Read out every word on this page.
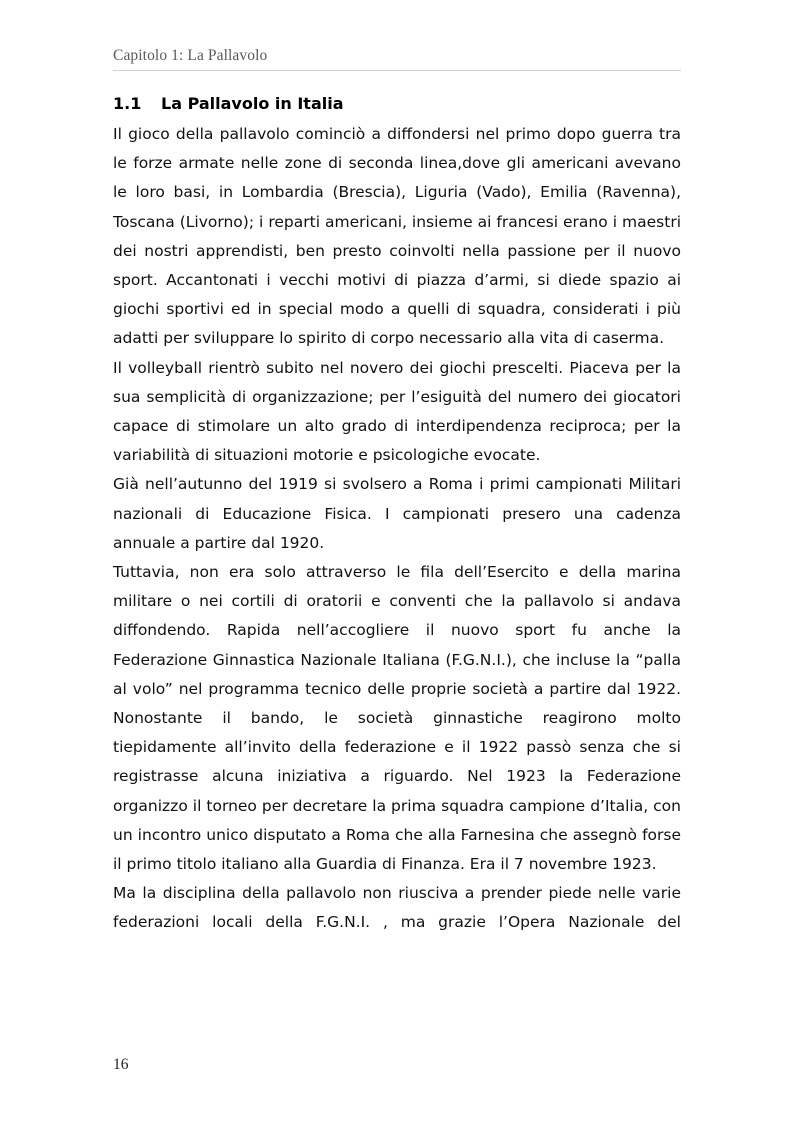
Capitolo 1: La Pallavolo
1.1 La Pallavolo in Italia

Il gioco della pallavolo cominciò a diffondersi nel primo dopo guerra tra le forze armate nelle zone di seconda linea,dove gli americani avevano le loro basi, in Lombardia (Brescia), Liguria (Vado), Emilia (Ravenna), Toscana (Livorno); i reparti americani, insieme ai francesi erano i maestri dei nostri apprendisti, ben presto coinvolti nella passione per il nuovo sport. Accantonati i vecchi motivi di piazza d’armi, si diede spazio ai giochi sportivi ed in special modo a quelli di squadra, considerati i più adatti per sviluppare lo spirito di corpo necessario alla vita di caserma.

Il volleyball rientrò subito nel novero dei giochi prescelti. Piaceva per la sua semplicità di organizzazione; per l’esiguità del numero dei giocatori capace di stimolare un alto grado di interdipendenza reciproca; per la variabilità di situazioni motorie e psicologiche evocate.

Già nell’autunno del 1919 si svolsero a Roma i primi campionati Militari nazionali di Educazione Fisica. I campionati presero una cadenza annuale a partire dal 1920.

Tuttavia, non era solo attraverso le fila dell’Esercito e della marina militare o nei cortili di oratorii e conventi che la pallavolo si andava diffondendo. Rapida nell’accogliere il nuovo sport fu anche la Federazione Ginnastica Nazionale Italiana (F.G.N.I.), che incluse la “palla al volo” nel programma tecnico delle proprie società a partire dal 1922. Nonostante il bando, le società ginnastiche reagirono molto tiepidamente all’invito della federazione e il 1922 passò senza che si registrasse alcuna iniziativa a riguardo. Nel 1923 la Federazione organizzo il torneo per decretare la prima squadra campione d’Italia, con un incontro unico disputato a Roma che alla Farnesina che assegnò forse il primo titolo italiano alla Guardia di Finanza. Era il 7 novembre 1923.

Ma la disciplina della pallavolo non riusciva a prender piede nelle varie federazioni locali della F.G.N.I. , ma grazie l’Opera Nazionale del

16
